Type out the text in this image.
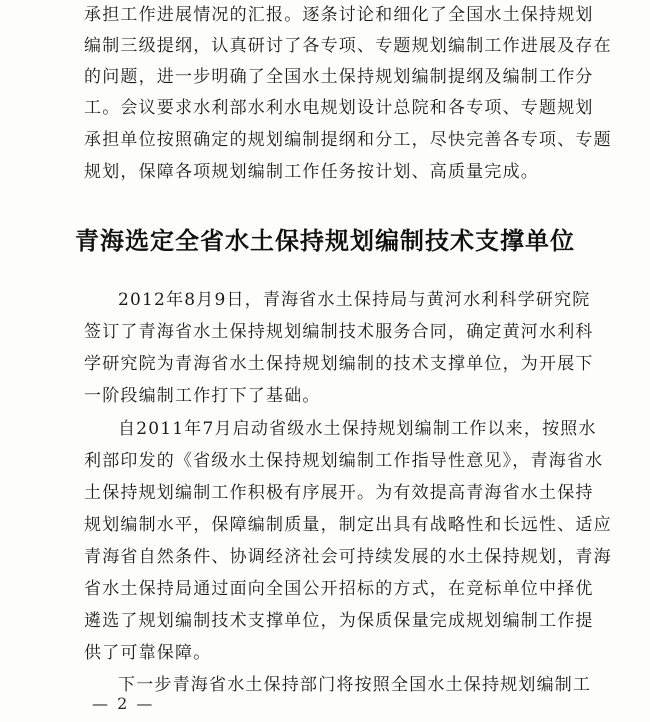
承担工作进展情况的汇报。逐条讨论和细化了全国水土保持规划
编制三级提纲，认真研讨了各专项、专题规划编制工作进展及存在
的问题，进一步明确了全国水土保持规划编制提纲及编制工作分
工。会议要求水利部水利水电规划设计总院和各专项、专题规划
承担单位按照确定的规划编制提纲和分工，尽快完善各专项、专题
规划，保障各项规划编制工作任务按计划、高质量完成。
青海选定全省水土保持规划编制技术支撑单位
2012年8月9日，青海省水土保持局与黄河水利科学研究院
签订了青海省水土保持规划编制技术服务合同，确定黄河水利科
学研究院为青海省水土保持规划编制的技术支撑单位，为开展下
一阶段编制工作打下了基础。
自2011年7月启动省级水土保持规划编制工作以来，按照水
利部印发的《省级水土保持规划编制工作指导性意见》，青海省水
土保持规划编制工作积极有序展开。为有效提高青海省水土保持
规划编制水平，保障编制质量，制定出具有战略性和长远性、适应
青海省自然条件、协调经济社会可持续发展的水土保持规划，青海
省水土保持局通过面向全国公开招标的方式，在竞标单位中择优
遴选了规划编制技术支撑单位，为保质保量完成规划编制工作提
供了可靠保障。
下一步青海省水土保持部门将按照全国水土保持规划编制工
— 2 —
